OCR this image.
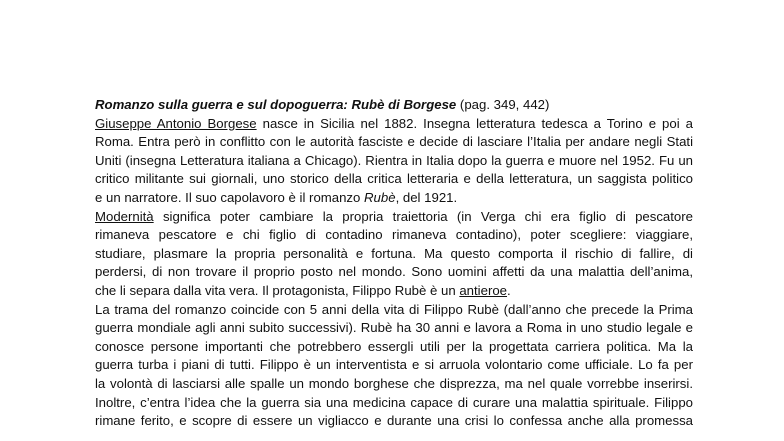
Romanzo sulla guerra e sul dopoguerra: Rubè di Borgese (pag. 349, 442)
Giuseppe Antonio Borgese nasce in Sicilia nel 1882. Insegna letteratura tedesca a Torino e poi a
Roma. Entra però in conflitto con le autorità fasciste e decide di lasciare l’Italia per andare negli Stati
Uniti (insegna Letteratura italiana a Chicago). Rientra in Italia dopo la guerra e muore nel 1952. Fu un
critico militante sui giornali, uno storico della critica letteraria e della letteratura, un saggista politico
e un narratore. Il suo capolavoro è il romanzo Rubè, del 1921.
Modernità significa poter cambiare la propria traiettoria (in Verga chi era figlio di pescatore
rimaneva pescatore e chi figlio di contadino rimaneva contadino), poter scegliere: viaggiare,
studiare, plasmare la propria personalità e fortuna. Ma questo comporta il rischio di fallire, di
perdersi, di non trovare il proprio posto nel mondo. Sono uomini affetti da una malattia dell’anima,
che li separa dalla vita vera. Il protagonista, Filippo Rubè è un antieroe.
La trama del romanzo coincide con 5 anni della vita di Filippo Rubè (dall’anno che precede la Prima
guerra mondiale agli anni subito successivi). Rubè ha 30 anni e lavora a Roma in uno studio legale e
conosce persone importanti che potrebbero essergli utili per la progettata carriera politica. Ma la
guerra turba i piani di tutti. Filippo è un interventista e si arruola volontario come ufficiale. Lo fa per
la volontà di lasciarsi alle spalle un mondo borghese che disprezza, ma nel quale vorrebbe inserirsi.
Inoltre, c’entra l’idea che la guerra sia una medicina capace di curare una malattia spirituale. Filippo
rimane ferito, e scopre di essere un vigliacco e durante una crisi lo confessa anche alla promessa
